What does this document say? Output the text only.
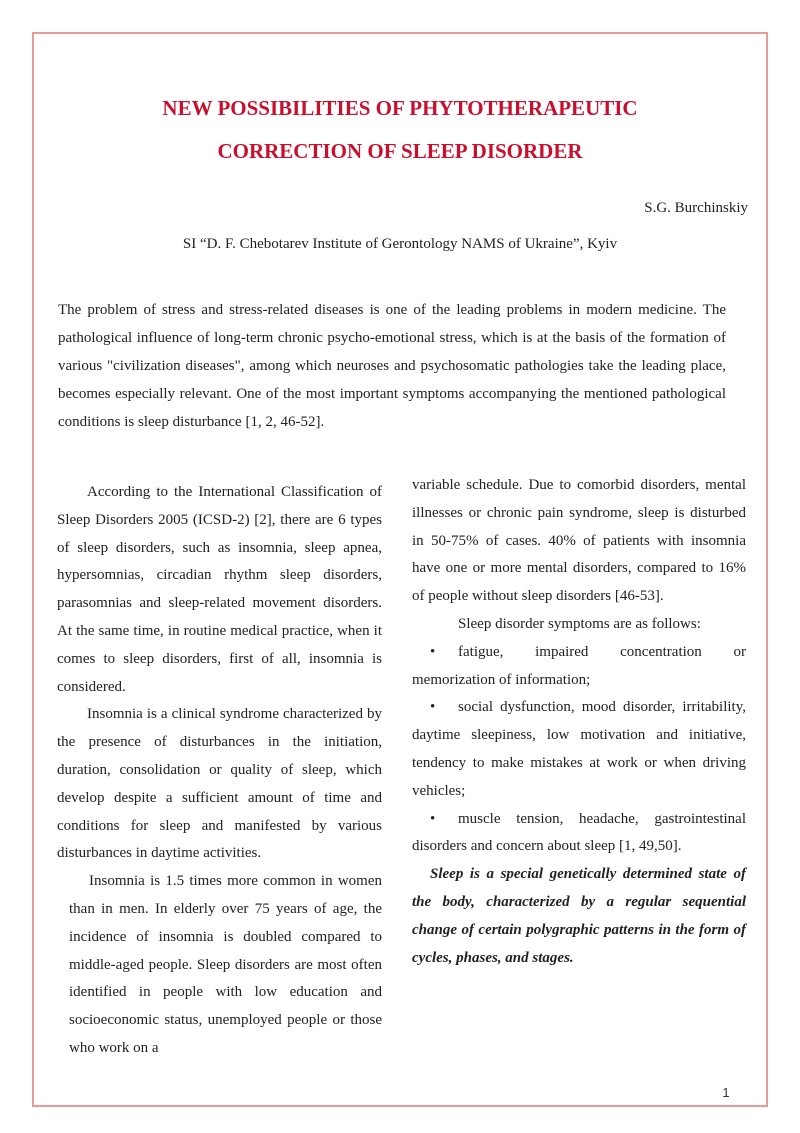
NEW POSSIBILITIES OF PHYTOTHERAPEUTIC
CORRECTION OF SLEEP DISORDER
S.G. Burchinskiy
SI “D. F. Chebotarev Institute of Gerontology NAMS of Ukraine”, Kyiv

The problem of stress and stress-related diseases is one of the leading problems in modern medicine. The pathological influence of long-term chronic psycho-emotional stress, which is at the basis of the formation of various "civilization diseases", among which neuroses and psychosomatic pathologies take the leading place, becomes especially relevant. One of the most important symptoms accompanying the mentioned pathological conditions is sleep disturbance [1, 2, 46-52].

According to the International Classification of Sleep Disorders 2005 (ICSD-2) [2], there are 6 types of sleep disorders, such as insomnia, sleep apnea, hypersomnias, circadian rhythm sleep disorders, parasomnias and sleep-related movement disorders. At the same time, in routine medical practice, when it comes to sleep disorders, first of all, insomnia is considered.

Insomnia is a clinical syndrome characterized by the presence of disturbances in the initiation, duration, consolidation or quality of sleep, which develop despite a sufficient amount of time and conditions for sleep and manifested by various disturbances in daytime activities.

Insomnia is 1.5 times more common in women than in men. In elderly over 75 years of age, the incidence of insomnia is doubled compared to middle-aged people. Sleep disorders are most often identified in people with low education and socioeconomic status, unemployed people or those who work on a

variable schedule. Due to comorbid disorders, mental illnesses or chronic pain syndrome, sleep is disturbed in 50-75% of cases. 40% of patients with insomnia have one or more mental disorders, compared to 16% of people without sleep disorders [46-53].

Sleep disorder symptoms are as follows:

• fatigue, impaired concentration or memorization of information;

• social dysfunction, mood disorder, irritability, daytime sleepiness, low motivation and initiative, tendency to make mistakes at work or when driving vehicles;

• muscle tension, headache, gastrointestinal disorders and concern about sleep [1, 49,50].

Sleep is a special genetically determined state of the body, characterized by a regular sequential change of certain polygraphic patterns in the form of cycles, phases, and stages.

1
